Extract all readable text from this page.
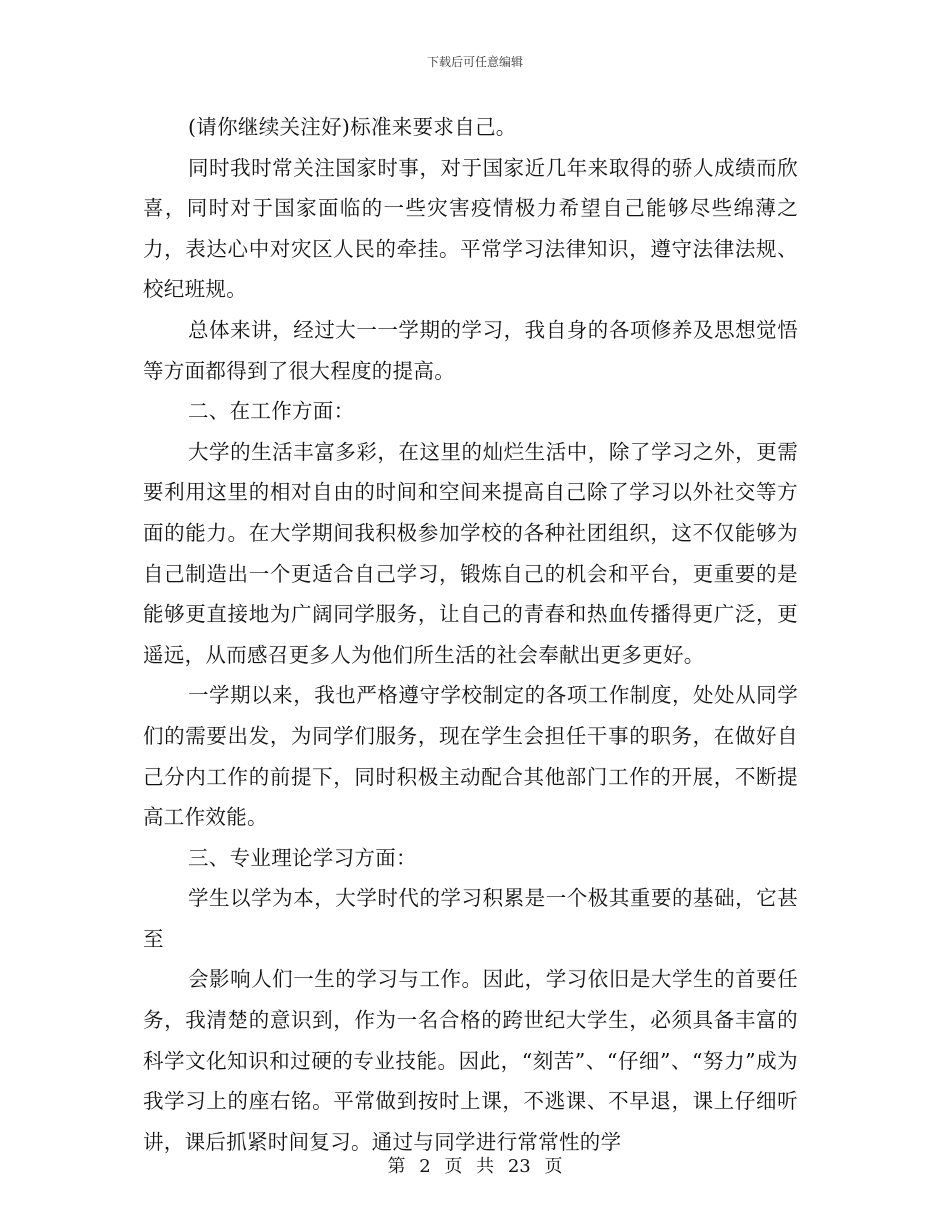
下载后可任意编辑

(请你继续关注好)标准来要求自己。

同时我时常关注国家时事，对于国家近几年来取得的骄人成绩而欣喜，同时对于国家面临的一些灾害疫情极力希望自己能够尽些绵薄之力，表达心中对灾区人民的牵挂。平常学习法律知识，遵守法律法规、校纪班规。

总体来讲，经过大一一学期的学习，我自身的各项修养及思想觉悟等方面都得到了很大程度的提高。

二、在工作方面：

大学的生活丰富多彩，在这里的灿烂生活中，除了学习之外，更需要利用这里的相对自由的时间和空间来提高自己除了学习以外社交等方面的能力。在大学期间我积极参加学校的各种社团组织，这不仅能够为自己制造出一个更适合自己学习，锻炼自己的机会和平台，更重要的是能够更直接地为广阔同学服务，让自己的青春和热血传播得更广泛，更遥远，从而感召更多人为他们所生活的社会奉献出更多更好。

一学期以来，我也严格遵守学校制定的各项工作制度，处处从同学们的需要出发，为同学们服务，现在学生会担任干事的职务，在做好自己分内工作的前提下，同时积极主动配合其他部门工作的开展，不断提高工作效能。

三、专业理论学习方面：

学生以学为本，大学时代的学习积累是一个极其重要的基础，它甚至

会影响人们一生的学习与工作。因此，学习依旧是大学生的首要任务，我清楚的意识到，作为一名合格的跨世纪大学生，必须具备丰富的科学文化知识和过硬的专业技能。因此，“刻苦”、“仔细”、“努力”成为我学习上的座右铭。平常做到按时上课，不逃课、不早退，课上仔细听讲，课后抓紧时间复习。通过与同学进行常常性的学

第 2 页 共 23 页
